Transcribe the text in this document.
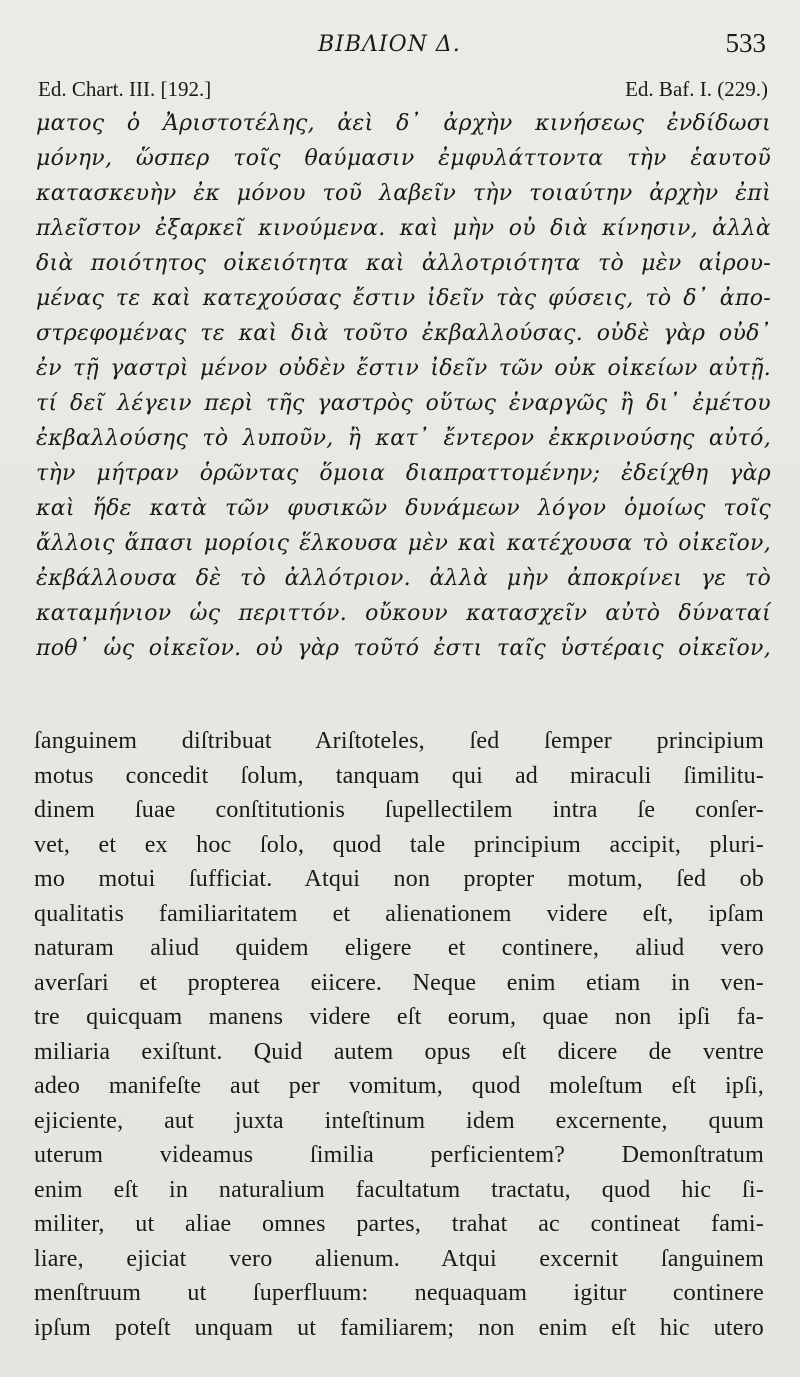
ΒΙΒΛΙΟΝ Δ.	533
Ed. Chart. III. [192.]	Ed. Baf. I. (229.)
ματος ὁ Ἀριστοτέλης, ἀεὶ δ᾽ ἀρχὴν κινήσεως ἐνδίδωσι
μόνην, ὥσπερ τοῖς θαύμασιν ἐμφυλάττοντα τὴν ἑαυτοῦ
κατασκευὴν ἐκ μόνου τοῦ λαβεῖν τὴν τοιαύτην ἀρχὴν ἐπὶ
πλεῖστον ἐξαρκεῖ κινούμενα. καὶ μὴν οὐ διὰ κίνησιν, ἀλλὰ
διὰ ποιότητος οἰκειότητα καὶ ἀλλοτριότητα τὸ μὲν αἱρου-
μένας τε καὶ κατεχούσας ἔστιν ἰδεῖν τὰς φύσεις, τὸ δ᾽ ἀπο-
στρεφομένας τε καὶ διὰ τοῦτο ἐκβαλλούσας. οὐδὲ γὰρ οὐδ᾽
ἐν τῇ γαστρὶ μένον οὐδὲν ἔστιν ἰδεῖν τῶν οὐκ οἰκείων αὐτῇ.
τί δεῖ λέγειν περὶ τῆς γαστρὸς οὕτως ἐναργῶς ἢ δι᾽ ἐμέτου
ἐκβαλλούσης τὸ λυποῦν, ἢ κατ᾽ ἔντερον ἐκκρινούσης αὐτό,
τὴν μήτραν ὁρῶντας ὅμοια διαπραττομένην; ἐδείχθη γὰρ
καὶ ἥδε κατὰ τῶν φυσικῶν δυνάμεων λόγον ὁμοίως τοῖς
ἄλλοις ἅπασι μορίοις ἕλκουσα μὲν καὶ κατέχουσα τὸ οἰκεῖον,
ἐκβάλλουσα δὲ τὸ ἀλλότριον. ἀλλὰ μὴν ἀποκρίνει γε τὸ
καταμήνιον ὡς περιττόν. οὔκουν κατασχεῖν αὐτὸ δύναταί
ποθ᾽ ὡς οἰκεῖον. οὐ γὰρ τοῦτό ἐστι ταῖς ὑστέραις οἰκεῖον,
ſanguinem diſtribuat Ariſtoteles, ſed ſemper principium
motus concedit ſolum, tanquam qui ad miraculi ſimilitu-
dinem ſuae conſtitutionis ſupellectilem intra ſe conſer-
vet, et ex hoc ſolo, quod tale principium accipit, pluri-
mo motui ſufficiat. Atqui non propter motum, ſed ob
qualitatis familiaritatem et alienationem videre eſt, ipſam
naturam aliud quidem eligere et continere, aliud vero
averſari et propterea eiicere. Neque enim etiam in ven-
tre quicquam manens videre eſt eorum, quae non ipſi fa-
miliaria exiſtunt. Quid autem opus eſt dicere de ventre
adeo manifeſte aut per vomitum, quod moleſtum eſt ipſi,
ejiciente, aut juxta inteſtinum idem excernente, quum
uterum videamus ſimilia perficientem? Demonſtratum
enim eſt in naturalium facultatum tractatu, quod hic ſi-
militer, ut aliae omnes partes, trahat ac contineat fami-
liare, ejiciat vero alienum. Atqui excernit ſanguinem
menſtruum ut ſuperfluum: nequaquam igitur continere
ipſum poteſt unquam ut familiarem; non enim eſt hic utero
